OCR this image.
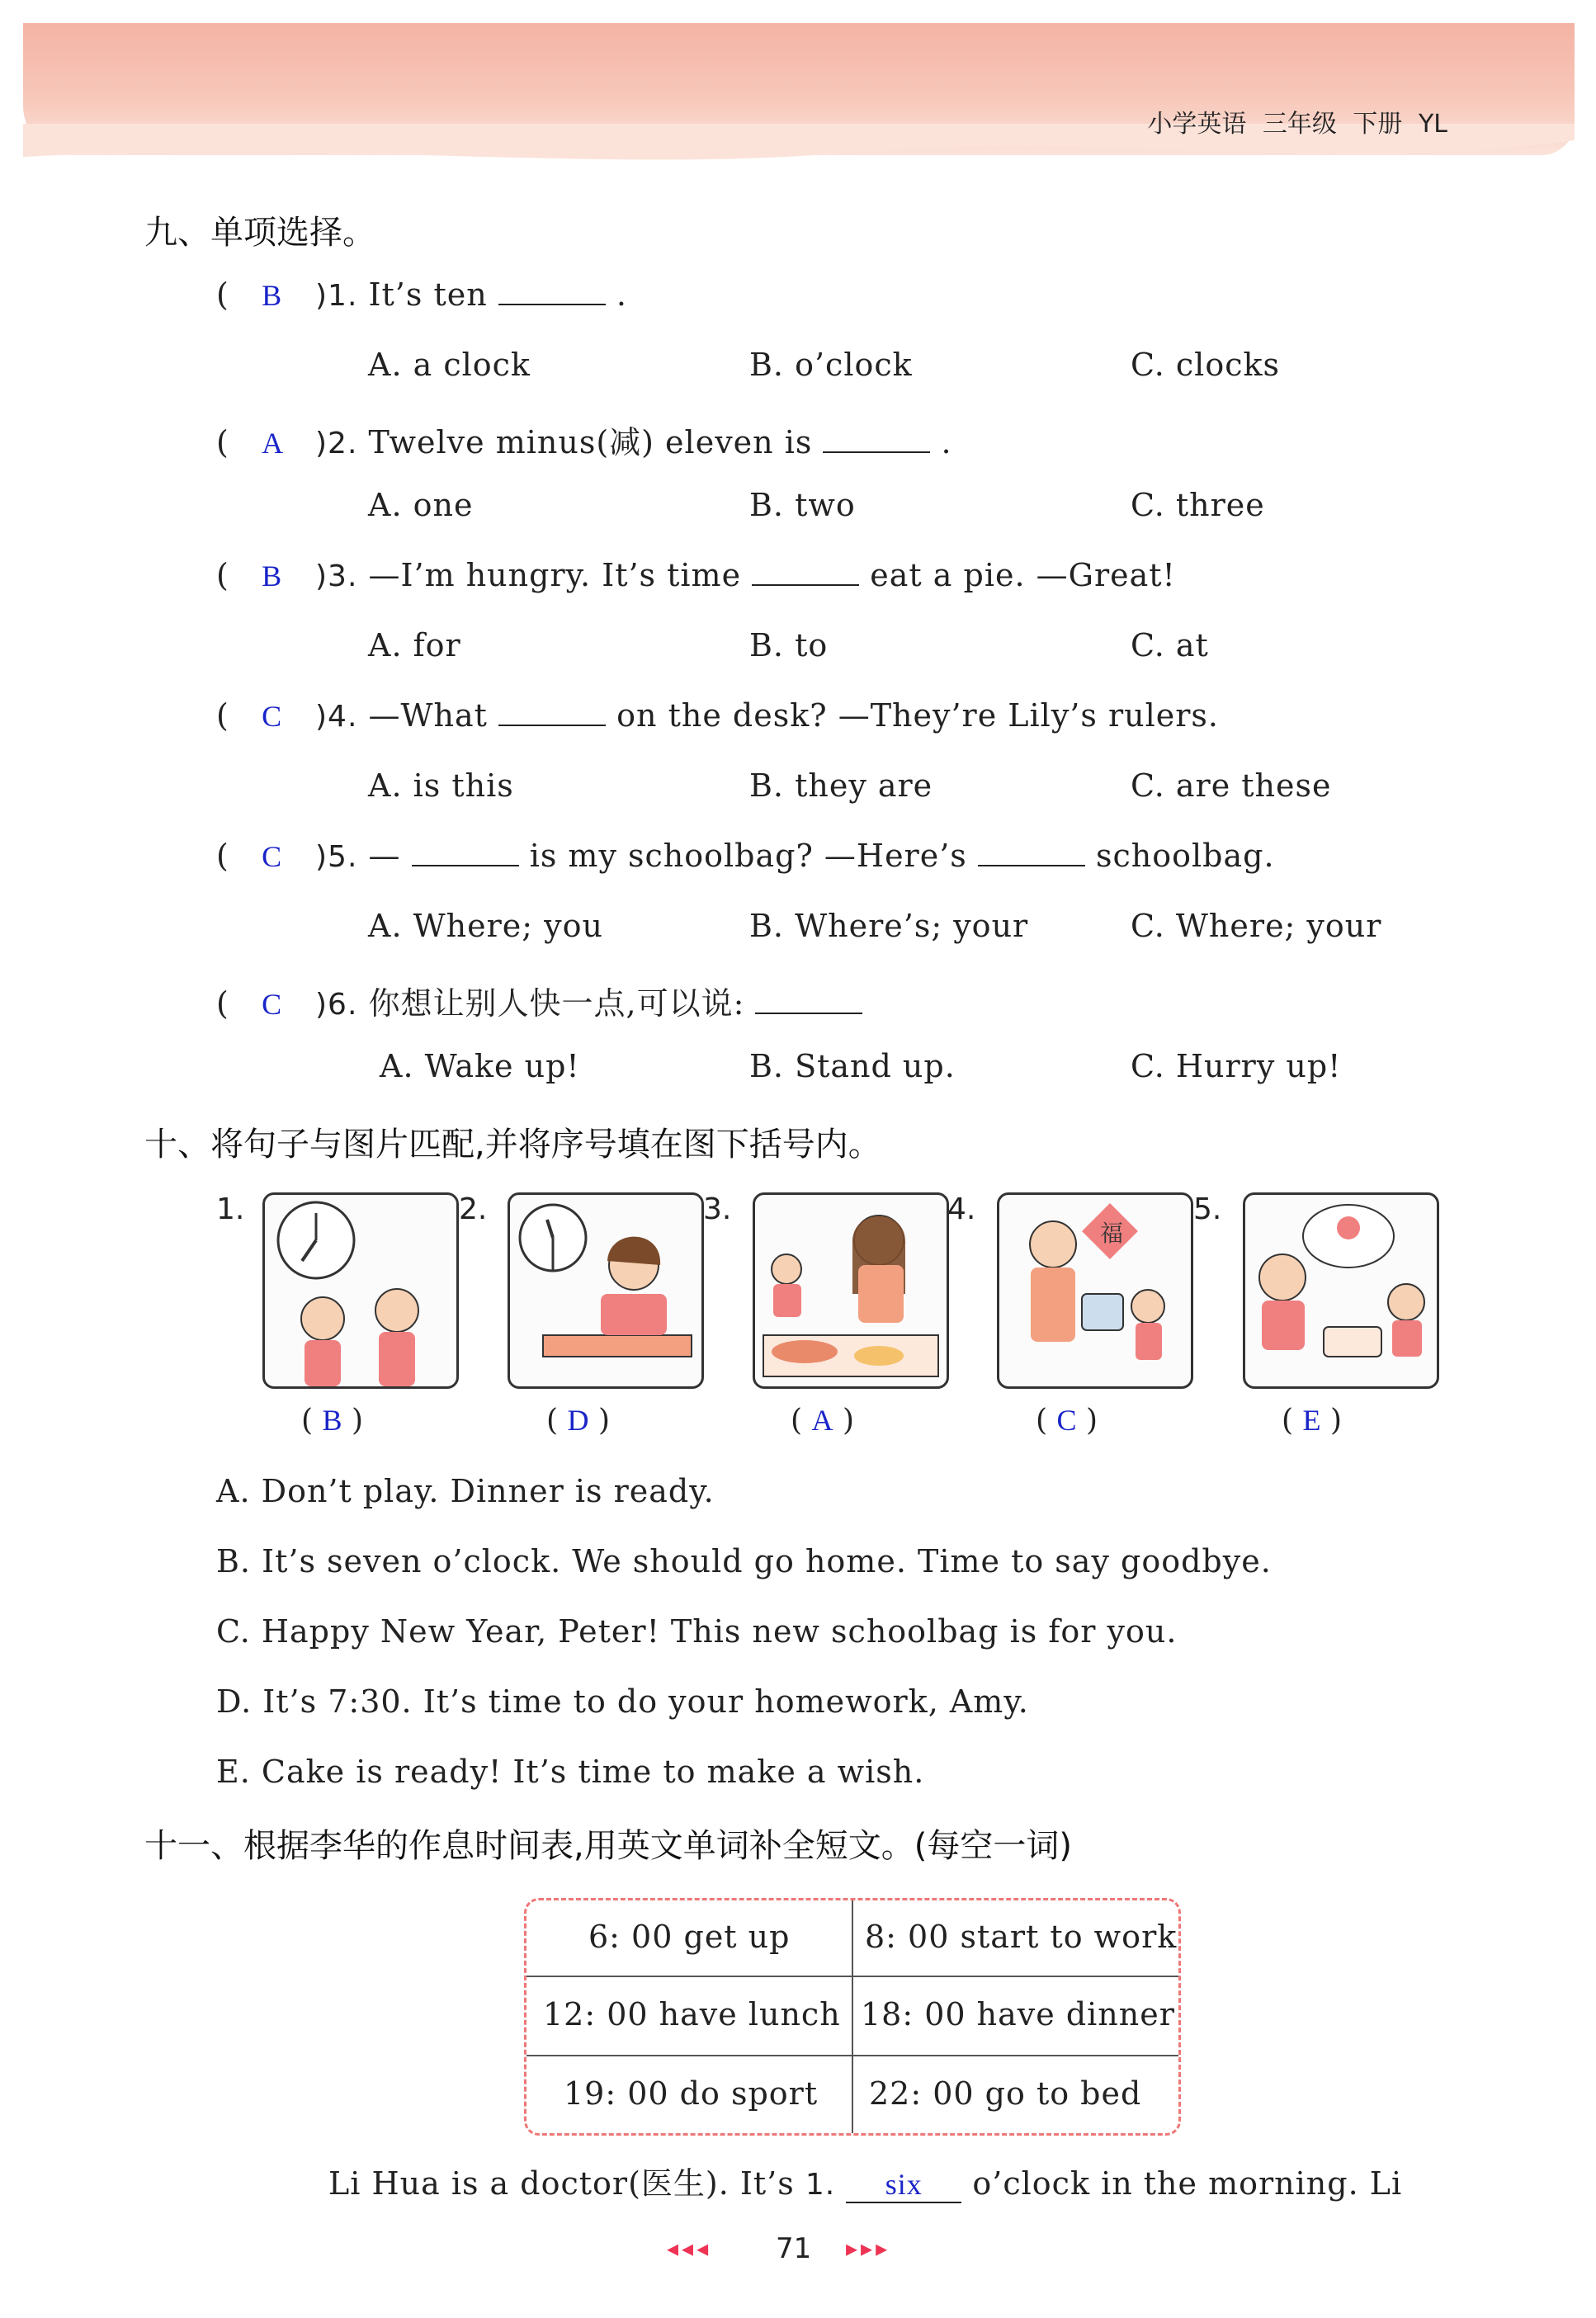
小学英语 三年级 下册 YL
九、单项选择。
(   B )1. It’s ten	.
A. a clock	B. o’clock	C. clocks
(   A )2. Twelve minus(减) eleven is	.
A. one	B. two	C. three
(   B )3. —I’m hungry. It’s time	eat a pie. —Great!
A. for	B. to	C. at
(   C )4. —What	on the desk? —They’re Lily’s rulers.
A. is this	B. they are	C. are these
(   C )5. —	is my schoolbag? —Here’s	schoolbag.
A. Where; you	B. Where’s; your	C. Where; your
(   C )6. 你想让别人快一点,可以说:
A. Wake up!	B. Stand up.	C. Hurry up!
十、将句子与图片匹配,并将序号填在图下括号内。
1.	2.	3.	4.
福
5.
( B )	( D )	( A )	( C )	( E )
A. Don’t play. Dinner is ready.
B. It’s seven o’clock. We should go home. Time to say goodbye.
C. Happy New Year, Peter! This new schoolbag is for you.
D. It’s 7:30. It’s time to do your homework, Amy.
E. Cake is ready! It’s time to make a wish.
十一、根据李华的作息时间表,用英文单词补全短文。(每空一词)
6: 00 get up 8: 00 start to work
12: 00 have lunch 18: 00 have dinner
19: 00 do sport 22: 00 go to bed
Li Hua is a doctor(医生). It’s 1. six o’clock in the morning. Li
◂◂◂ 71 ▸▸▸
